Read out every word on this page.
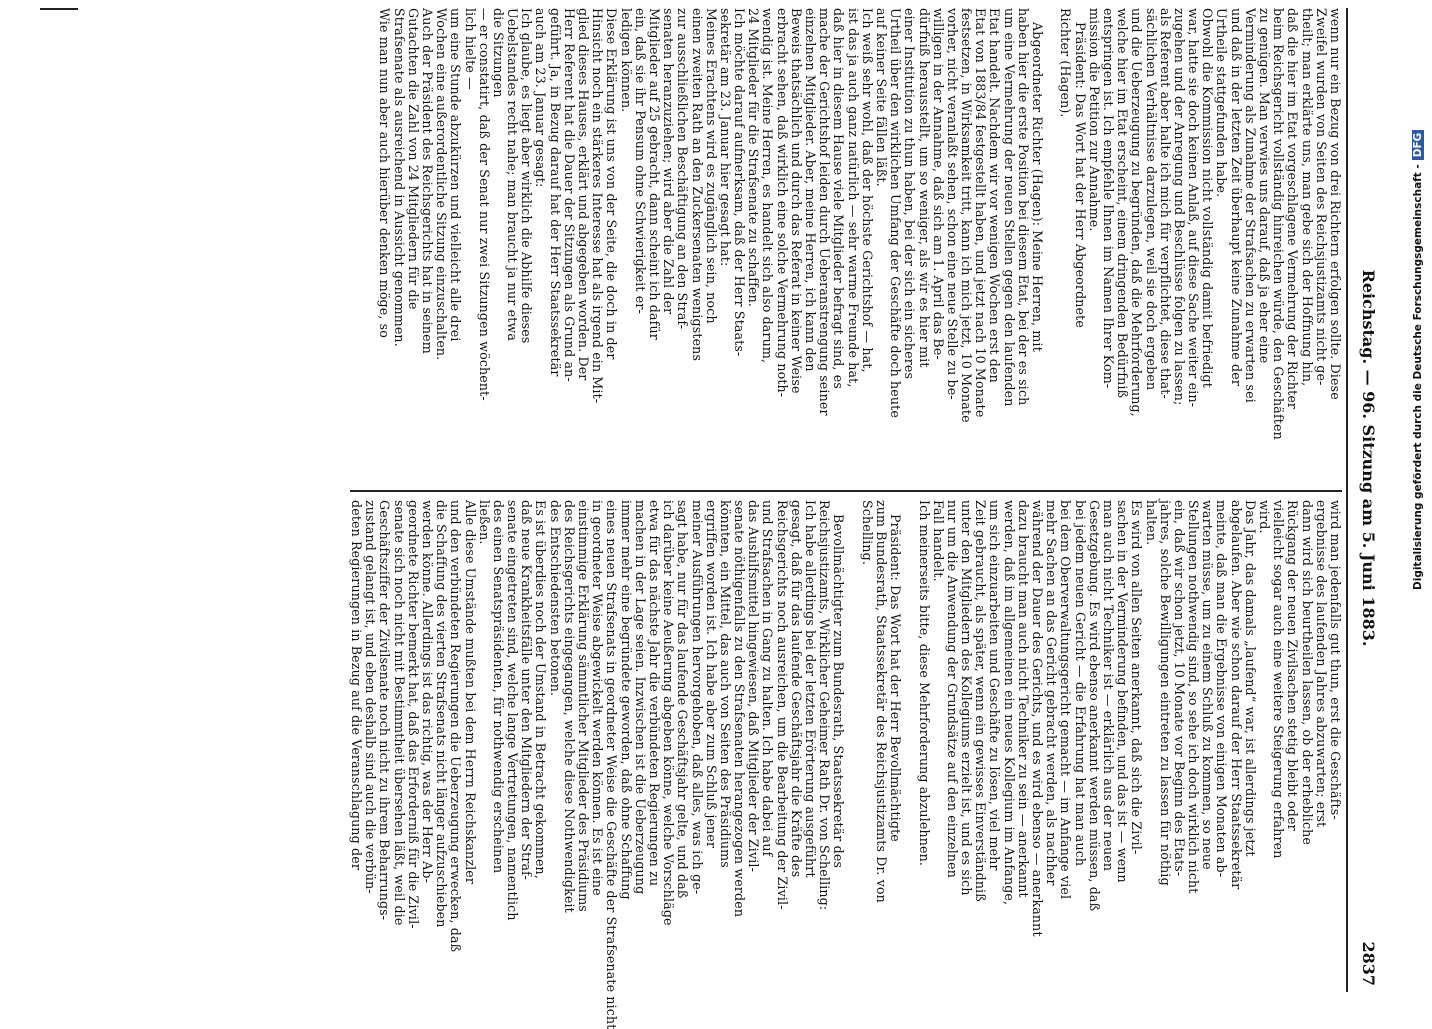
Reichstag. — 96. Sitzung am 5. Juni 1883.
2837
wenn nur ein Bezug von drei Richtern erfolgen sollte. Diese
Zweifel wurden von Seiten des Reichsjustizamts nicht ge-
theilt; man erklärte uns, man gebe sich der Hoffnung hin,
daß die hier im Etat vorgeschlagene Vermehrung der Richter
beim Reichsgericht vollständig hinreichen würde, den Geschäften
zu genügen. Man verwies uns darauf, daß ja eher eine
Verminderung als Zunahme der Strafsachen zu erwarten sei
und daß in der letzten Zeit überhaupt keine Zunahme der
Urtheile stattgefunden habe.
Obwohl die Kommission nicht vollständig damit befriedigt
war, hatte sie doch keinen Anlaß, auf diese Sache weiter ein-
zugehen und der Anregung und Beschlüsse folgen zu lassen;
als Referent aber halte ich mich für verpflichtet, diese that-
sächlichen Verhältnisse darzulegen, weil sie doch ergeben
und die Ueberzeugung zu begründen, daß die Mehrforderung,
welche hier im Etat erscheint, einem dringenden Bedürfniß
entspringen ist. Ich empfehle Ihnen im Namen Ihrer Kom-
mission die Petition zur Annahme.
Präsident: Das Wort hat der Herr Abgeordnete
Richter (Hagen).
Abgeordneter Richter (Hagen): Meine Herren, mit
haben hier die erste Position bei diesem Etat, bei der es sich
um eine Vermehrung der neuen Stellen gegen den laufenden
Etat handelt. Nachdem wir vor wenigen Wochen erst den
Etat von 1883/84 festgestellt haben, und jetzt nach 10 Monate
festsetzen, in Wirksamkeit tritt, kann ich mich jetzt, 10 Monate
vorher, nicht veranlaßt sehen, schon eine neue Stelle zu be-
willigen in der Annahme, daß sich am 1. April das Be-
dürfniß herausstellt, um so weniger, als wir es hier mit
einer Institution zu thun haben, bei der sich ein sicheres
Urtheil über den wirklichen Umfang der Geschäfte doch heute
auf keiner Seite fällen läßt.
Ich weiß sehr wohl, daß der höchste Gerichtshof — hat,
ist das ja auch ganz natürlich — sehr warme Freunde hat,
daß hier in diesem Hause viele Mitglieder befragt sind, es
mache der Gerichtshof leiden durch Ueberanstrengung seiner
einzelnen Mitglieder. Aber, meine Herren, ich kann den
Beweis thatsächlich und durch das Referat in keiner Weise
erbracht sehen, daß wirklich eine solche Vermehrung noth-
wendig ist. Meine Herren, es handelt sich also darum,
24 Mitglieder für die Strafsenate zu schaffen.
Ich möchte darauf aufmerksam, daß der Herr Staats-
sekretär am 23. Januar hier gesagt hat:
Meines Erachtens wird es zugänglich sein, noch
einen zweiten Rath an den Zuckersenaten wenigstens
zur ausschließlichen Beschäftigung an den Straf-
senaten heranzuziehen; wird aber die Zahl der
Mitglieder auf 25 gebracht, dann scheint ich dafür
ein, daß sie ihr Pensum ohne Schwierigkeit er-
ledigen können.
Diese Erklärung ist uns von der Seite, die doch in der
Hinsicht noch ein stärkeres Interesse hat als irgend ein Mit-
glied dieses Hauses, erklärt und abgegeben worden. Der
Herr Referent hat die Dauer der Sitzungen als Grund an-
geführt. Ja, in Bezug darauf hat der Herr Staatssekretär
auch am 23. Januar gesagt:
Ich glaube, es liegt aber wirklich die Abhilfe dieses
Uebelstandes recht nahe; man braucht ja nur etwa
die Sitzungen
— er constatirt, daß der Senat nur zwei Sitzungen wöchent-
lich hielte —
um eine Stunde abzukürzen und vielleicht alle drei
Wochen eine außerordentliche Sitzung einzuschalten.
Auch der Präsident des Reichsgerichts hat in seinem
Gutachten die Zahl von 24 Mitgliedern für die
Strafsenate als ausreichend in Aussicht genommen.
Wie man nun aber auch hierüber denken möge, so
wird man jedenfalls gut thun, erst die Geschäfts-
ergebnisse des laufenden Jahres abzuwarten; erst
dann wird sich beurtheilen lassen, ob der erhebliche
Rückgang der neuen Zivilsachen stetig bleibt oder
vielleicht sogar auch eine weitere Steigerung erfahren
wird.
Das Jahr, das damals „laufend“ war, ist allerdings jetzt
abgelaufen. Aber wie schon darauf der Herr Staatssekretär
meinte, daß man die Ergebnisse von einigen Monaten ab-
warten müsse, um zu einem Schluß zu kommen, so neue
Stellungen nothwendig sind, so sehe ich doch wirklich nicht
ein, daß wir schon jetzt, 10 Monate vor Beginn des Etats-
jahres, solche Bewilligungen eintreten zu lassen für nöthig
halten.
Es wird von allen Seiten anerkannt, daß sich die Zivil-
sachen in der Verminderung befinden, und das ist — wenn
man auch nicht Techniker ist — erklärlich aus der neuen
Gesetzgebung. Es wird ebenso anerkannt werden müssen, daß
bei jedem neuen Gericht — die Erfahrung hat man auch
bei dem Oberverwaltungsgericht gemacht — im Anfange viel
mehr Sachen an das Gericht gebracht werden, als nachher
während der Dauer des Gerichts, und es wird ebenso — anerkannt
dazu braucht man auch nicht Techniker zu sein — anerkannt
werden, daß im allgemeinen ein neues Kollegium im Anfange,
um sich einzuarbeiten und Geschäfte zu lösen, viel mehr
Zeit gebraucht, als später, wenn ein gewisses Einverständniß
unter den Mitgliedern des Kollegiums erzielt ist, und es sich
nur um die Anwendung der Grundsätze auf den einzelnen
Fall handelt.
Ich meinerseits bitte, diese Mehrforderung abzulehnen.
Präsident: Das Wort hat der Herr Bevollmächtigte
zum Bundesrath, Staatssekretär des Reichsjustizamts Dr. von
Schelling.
Bevollmächtigter zum Bundesrath, Staatssekretär des
Reichsjustizamts, Wirklicher Geheimer Rath Dr. von Schelling:
Ich habe allerdings bei der letzten Erörterung ausgeführt
gesagt, daß für das laufende Geschäftsjahr die Kräfte des
Reichsgerichts noch ausreichen, um die Bearbeitung der Zivil-
und Strafsachen in Gang zu halten. Ich habe dabei auf
das Aushilfsmittel hingewiesen, daß Mitglieder der Zivil-
senate nöthigenfalls zu den Strafsenaten herangezogen werden
könnten, ein Mittel, das auch von Seiten des Präsidiums
ergriffen worden ist. Ich habe aber zum Schluß jener
meiner Ausführungen hervorgehoben, daß alles, was ich ge-
sagt habe, nur für das laufende Geschäftsjahr gelte, und daß
ich darüber keine Aeußerung abgeben könne, welche Vorschläge
etwa für das nächste Jahr die verbündeten Regierungen zu
machen in der Lage seien. Inzwischen ist die Ueberzeugung
immer mehr eine begründete geworden, daß ohne Schaffung
eines neuen Strafsenats in geordneter Weise die Geschäfte der Strafsenate nicht
in geordneter Weise abgewickelt werden können. Es ist eine
einstimmige Erklärung sämmtlicher Mitglieder des Präsidiums
des Reichsgerichts eingegangen, welche diese Nothwendigkeit
des Entschiedensten betonen.
Es ist überdies noch der Umstand in Betracht gekommen,
daß neue Krankheitsfälle unter den Mitgliedern der Straf-
senate eingetreten sind, welche lange Vertretungen, namentlich
des einen Senatspräsidenten, für nothwendig erscheinen
ließen.
Alle diese Umstände mußten bei dem Herrn Reichskanzler
und den verbündeten Regierungen die Ueberzeugung erwecken, daß
die Schaffung des vierten Strafsenats nicht länger aufzuschieben
werden könne. Allerdings ist das richtig, was der Herr Ab-
geordnete Richter bemerkt hat, daß das Erforderniß für die Zivil-
senate sich noch nicht mit Bestimmtheit übersehen läßt, weil die
Geschäftsziffer der Zivilsenate noch nicht zu ihrem Beharrungs-
zustand gelangt ist, und eben deshalb sind auch die verbün-
deten Regierungen in Bezug auf die Veranschlagung der
Digitalisierung gefördert durch die Deutsche Forschungsgemeinschaft -DFG
